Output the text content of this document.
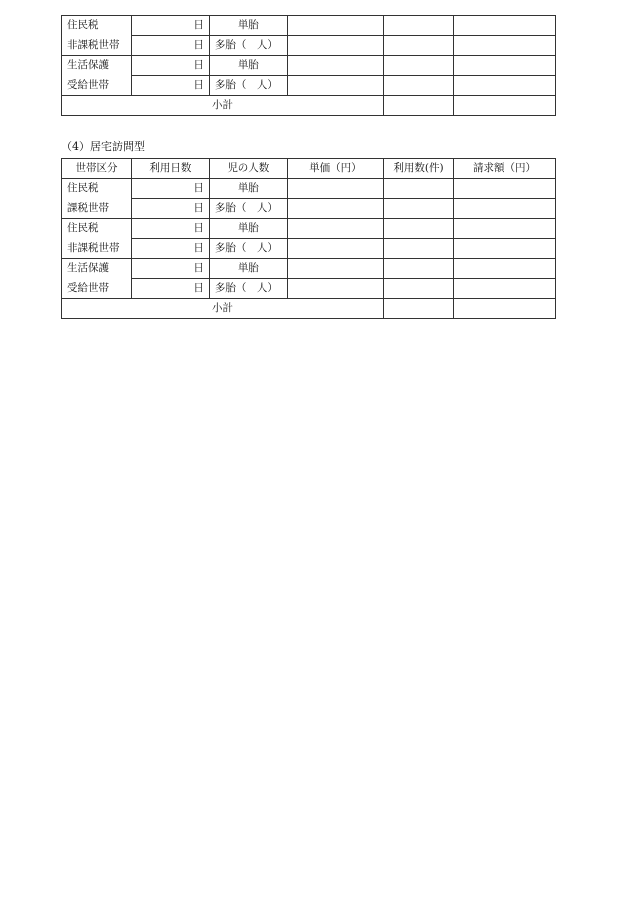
住民税	日	単胎			
非課税世帯	日	多胎（　人）			
生活保護	日	単胎			
受給世帯	日	多胎（　人）			
小計					
（4）居宅訪問型
世帯区分	利用日数	児の人数	単価（円）	利用数(件)	請求額（円）
住民税	日	単胎			
課税世帯	日	多胎（　人）			
住民税	日	単胎			
非課税世帯	日	多胎（　人）			
生活保護	日	単胎			
受給世帯	日	多胎（　人）			
小計					
